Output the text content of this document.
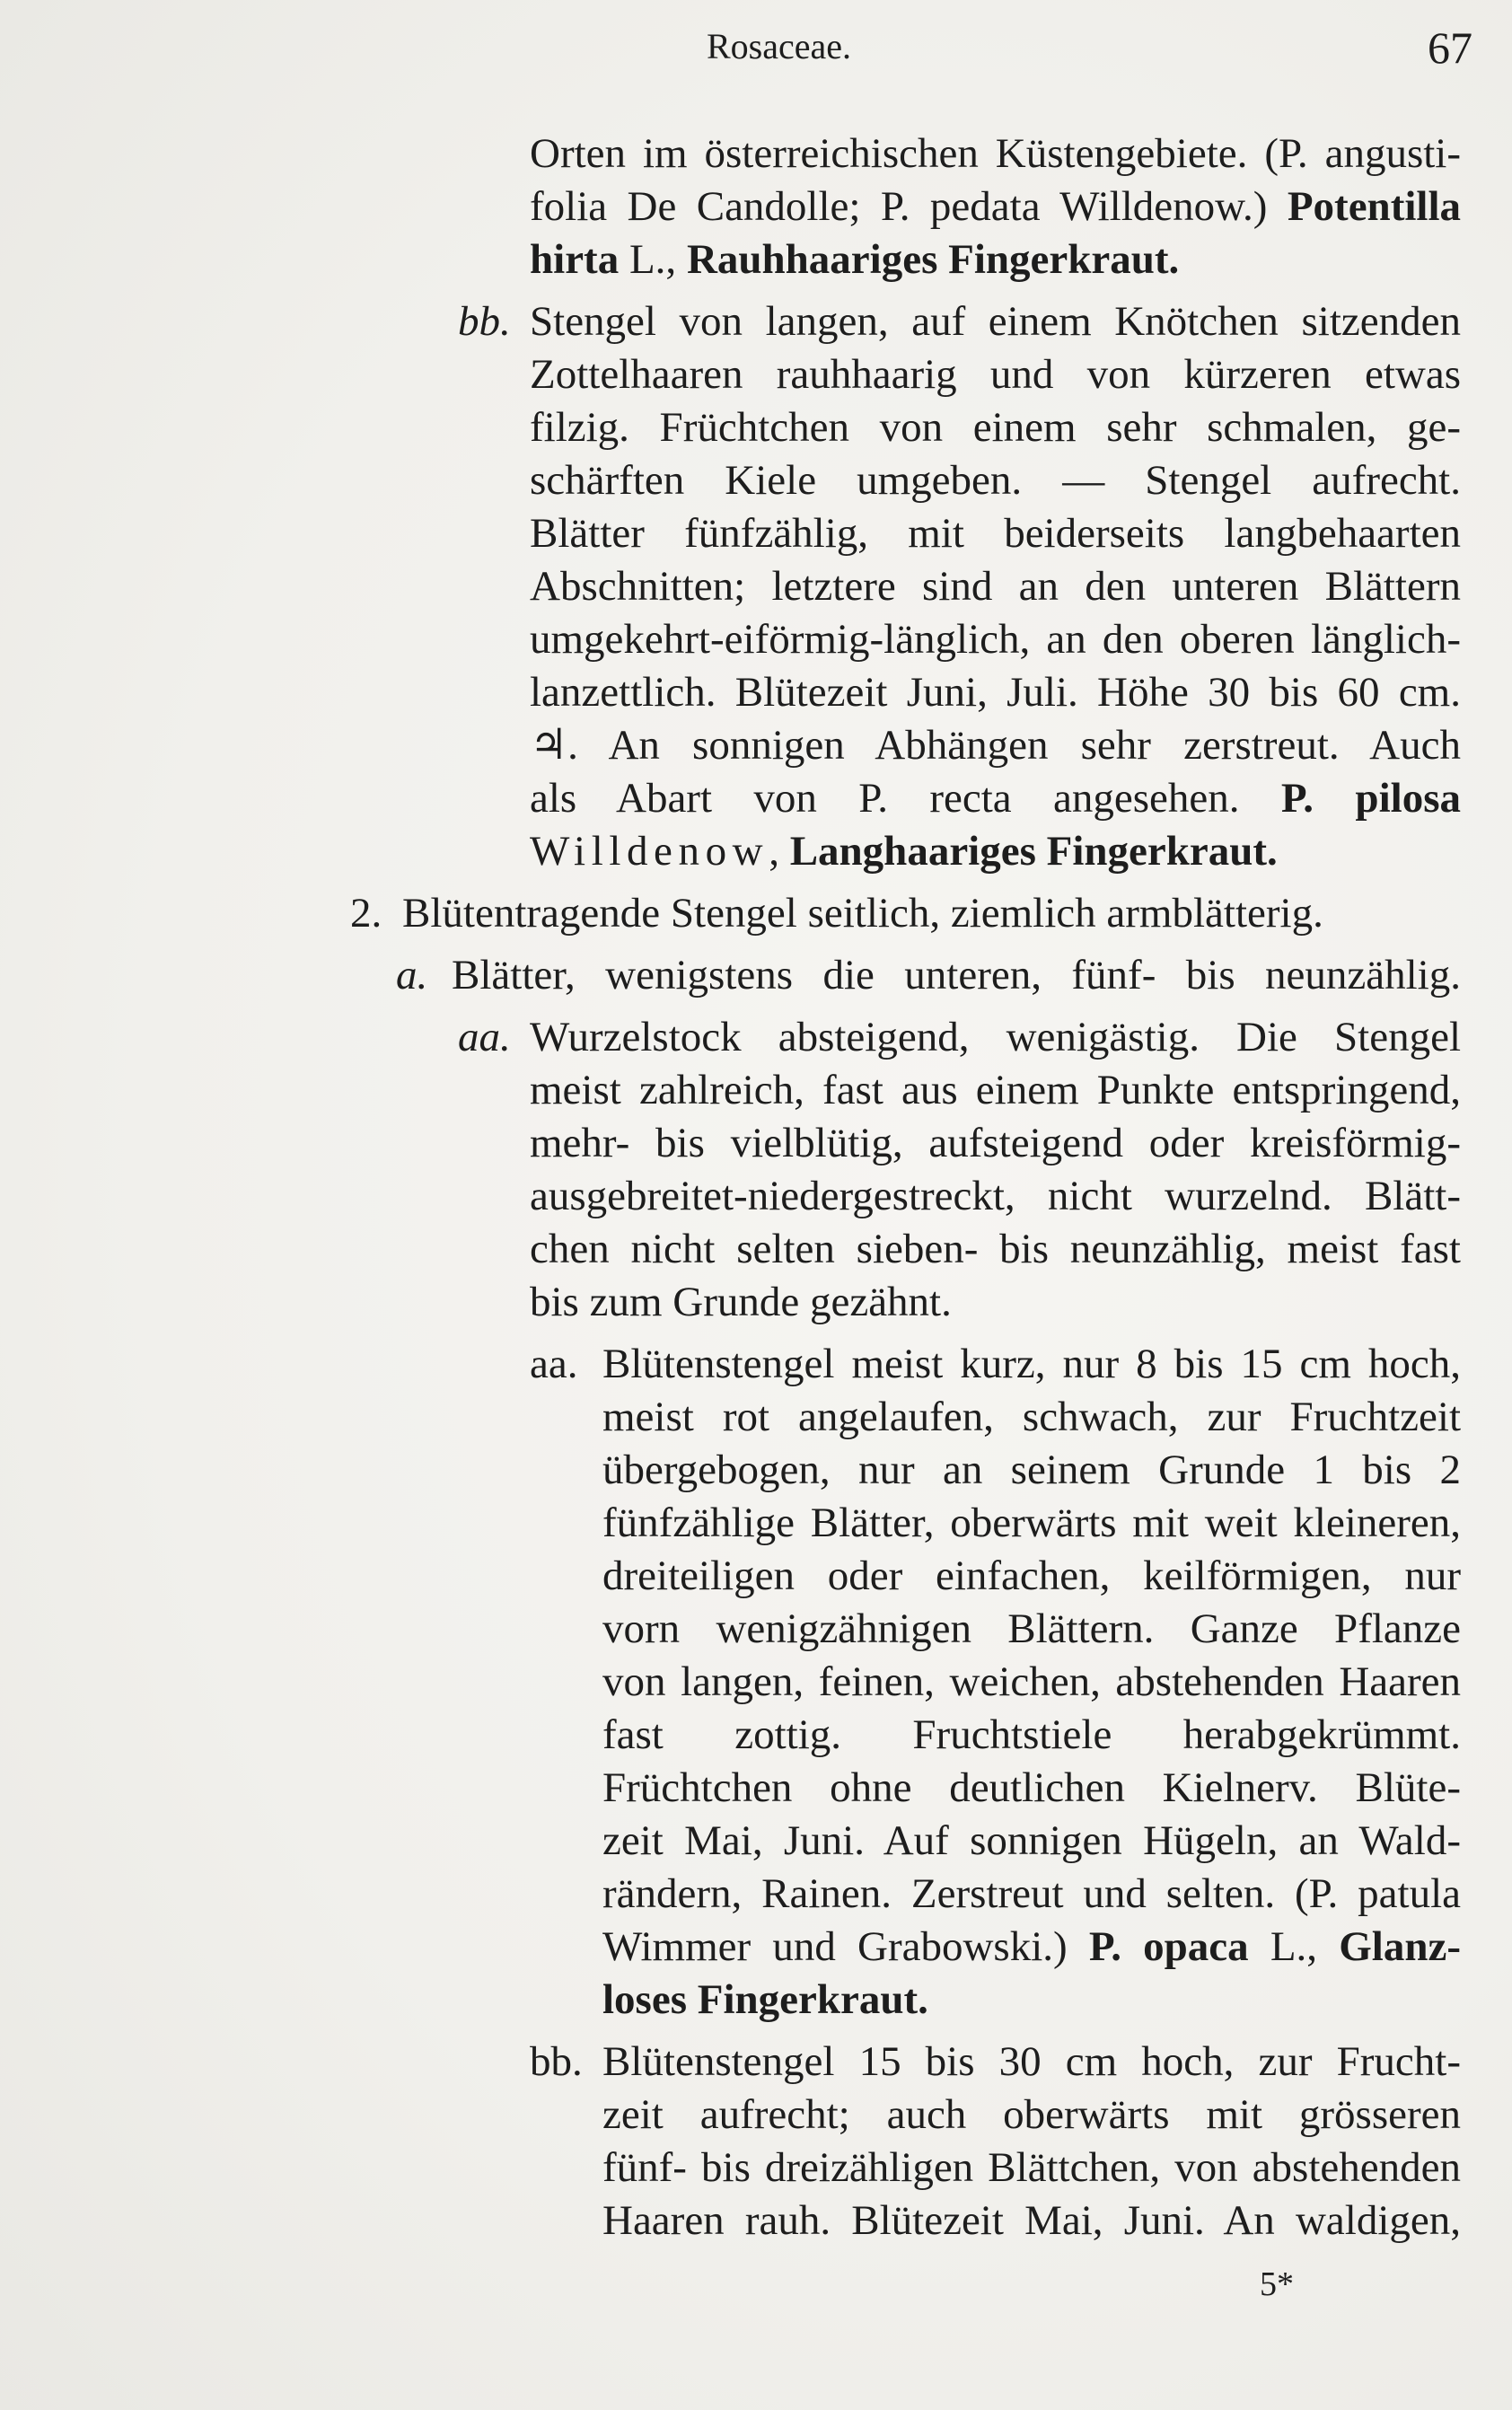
Rosaceae.	67
Orten im österreichischen Küstengebiete. (P. angusti-
folia De Candolle; P. pedata Willdenow.) Potentilla
hirta L., Rauhhaariges Fingerkraut.
bb. Stengel von langen, auf einem Knötchen sitzenden
Zottelhaaren rauhhaarig und von kürzeren etwas
filzig. Früchtchen von einem sehr schmalen, ge-
schärften Kiele umgeben. — Stengel aufrecht.
Blätter fünfzählig, mit beiderseits langbehaarten
Abschnitten; letztere sind an den unteren Blättern
umgekehrt-eiförmig-länglich, an den oberen länglich-
lanzettlich. Blütezeit Juni, Juli. Höhe 30 bis 60 cm.
♃. An sonnigen Abhängen sehr zerstreut. Auch
als Abart von P. recta angesehen. P. pilosa
Willdenow, Langhaariges Fingerkraut.
2. Blütentragende Stengel seitlich, ziemlich armblätterig.
a. Blätter, wenigstens die unteren, fünf- bis neunzählig.
aa. Wurzelstock absteigend, wenigästig. Die Stengel
meist zahlreich, fast aus einem Punkte entspringend,
mehr- bis vielblütig, aufsteigend oder kreisförmig-
ausgebreitet-niedergestreckt, nicht wurzelnd. Blätt-
chen nicht selten sieben- bis neunzählig, meist fast
bis zum Grunde gezähnt.
aa. Blütenstengel meist kurz, nur 8 bis 15 cm hoch,
meist rot angelaufen, schwach, zur Fruchtzeit
übergebogen, nur an seinem Grunde 1 bis 2
fünfzählige Blätter, oberwärts mit weit kleineren,
dreiteiligen oder einfachen, keilförmigen, nur
vorn wenigzähnigen Blättern. Ganze Pflanze
von langen, feinen, weichen, abstehenden Haaren
fast zottig. Fruchtstiele herabgekrümmt.
Früchtchen ohne deutlichen Kielnerv. Blüte-
zeit Mai, Juni. Auf sonnigen Hügeln, an Wald-
rändern, Rainen. Zerstreut und selten. (P. patula
Wimmer und Grabowski.) P. opaca L., Glanz-
loses Fingerkraut.
bb. Blütenstengel 15 bis 30 cm hoch, zur Frucht-
zeit aufrecht; auch oberwärts mit grösseren
fünf- bis dreizähligen Blättchen, von abstehenden
Haaren rauh. Blütezeit Mai, Juni. An waldigen,
5*
